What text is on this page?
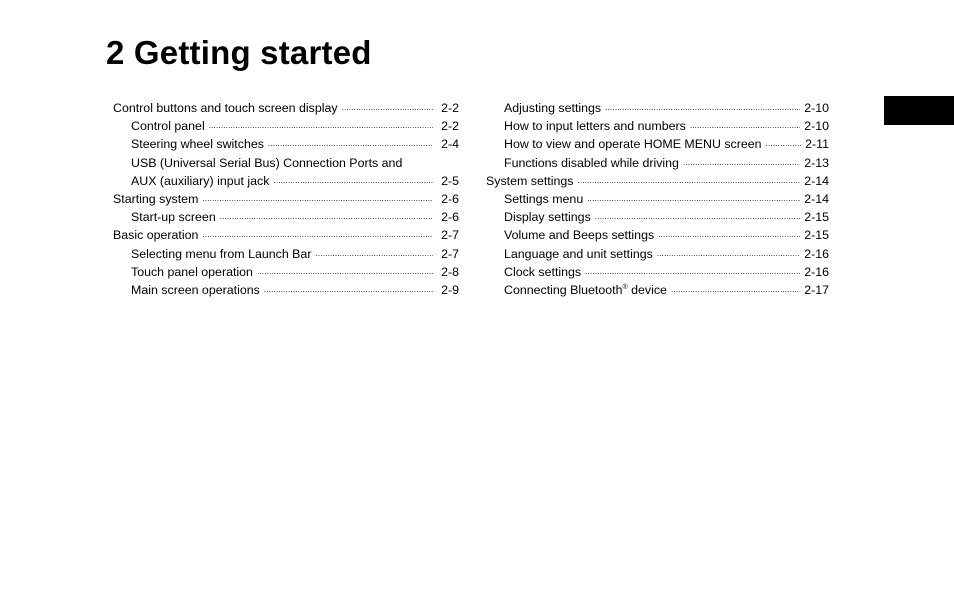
2 Getting started
Control buttons and touch screen display .....	2-2
Control panel .....	2-2
Steering wheel switches .....	2-4
USB (Universal Serial Bus) Connection Ports and
AUX (auxiliary) input jack .....	2-5
Starting system .....	2-6
Start-up screen .....	2-6
Basic operation .....	2-7
Selecting menu from Launch Bar .....	2-7
Touch panel operation .....	2-8
Main screen operations .....	2-9
Adjusting settings .....	2-10
How to input letters and numbers .....	2-10
How to view and operate HOME MENU screen .....	2-11
Functions disabled while driving .....	2-13
System settings .....	2-14
Settings menu .....	2-14
Display settings .....	2-15
Volume and Beeps settings .....	2-15
Language and unit settings .....	2-16
Clock settings .....	2-16
Connecting Bluetooth® device .....	2-17
